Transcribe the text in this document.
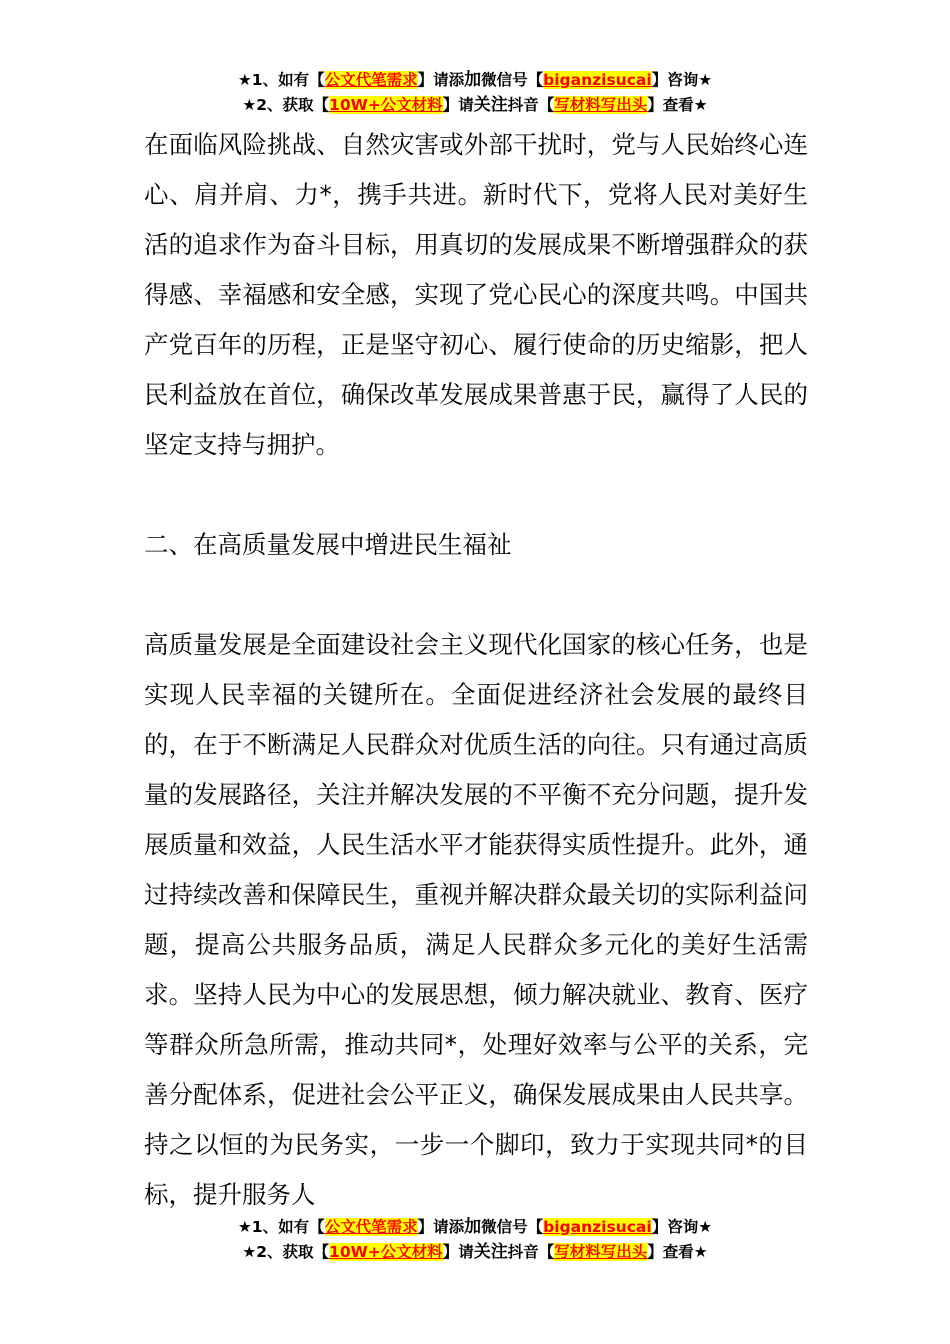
★1、如有【公文代笔需求】请添加微信号【biganzisucai】咨询★
★2、获取【10W+公文材料】请关注抖音【写材料写出头】查看★

在面临风险挑战、自然灾害或外部干扰时，党与人民始终心连心、肩并肩、力*，携手共进。新时代下，党将人民对美好生活的追求作为奋斗目标，用真切的发展成果不断增强群众的获得感、幸福感和安全感，实现了党心民心的深度共鸣。中国共产党百年的历程，正是坚守初心、履行使命的历史缩影，把人民利益放在首位，确保改革发展成果普惠于民，赢得了人民的坚定支持与拥护。

二、在高质量发展中增进民生福祉

高质量发展是全面建设社会主义现代化国家的核心任务，也是实现人民幸福的关键所在。全面促进经济社会发展的最终目的，在于不断满足人民群众对优质生活的向往。只有通过高质量的发展路径，关注并解决发展的不平衡不充分问题，提升发展质量和效益，人民生活水平才能获得实质性提升。此外，通过持续改善和保障民生，重视并解决群众最关切的实际利益问题，提高公共服务品质，满足人民群众多元化的美好生活需求。坚持人民为中心的发展思想，倾力解决就业、教育、医疗等群众所急所需，推动共同*，处理好效率与公平的关系，完善分配体系，促进社会公平正义，确保发展成果由人民共享。持之以恒的为民务实，一步一个脚印，致力于实现共同*的目标，提升服务人

★1、如有【公文代笔需求】请添加微信号【biganzisucai】咨询★
★2、获取【10W+公文材料】请关注抖音【写材料写出头】查看★
